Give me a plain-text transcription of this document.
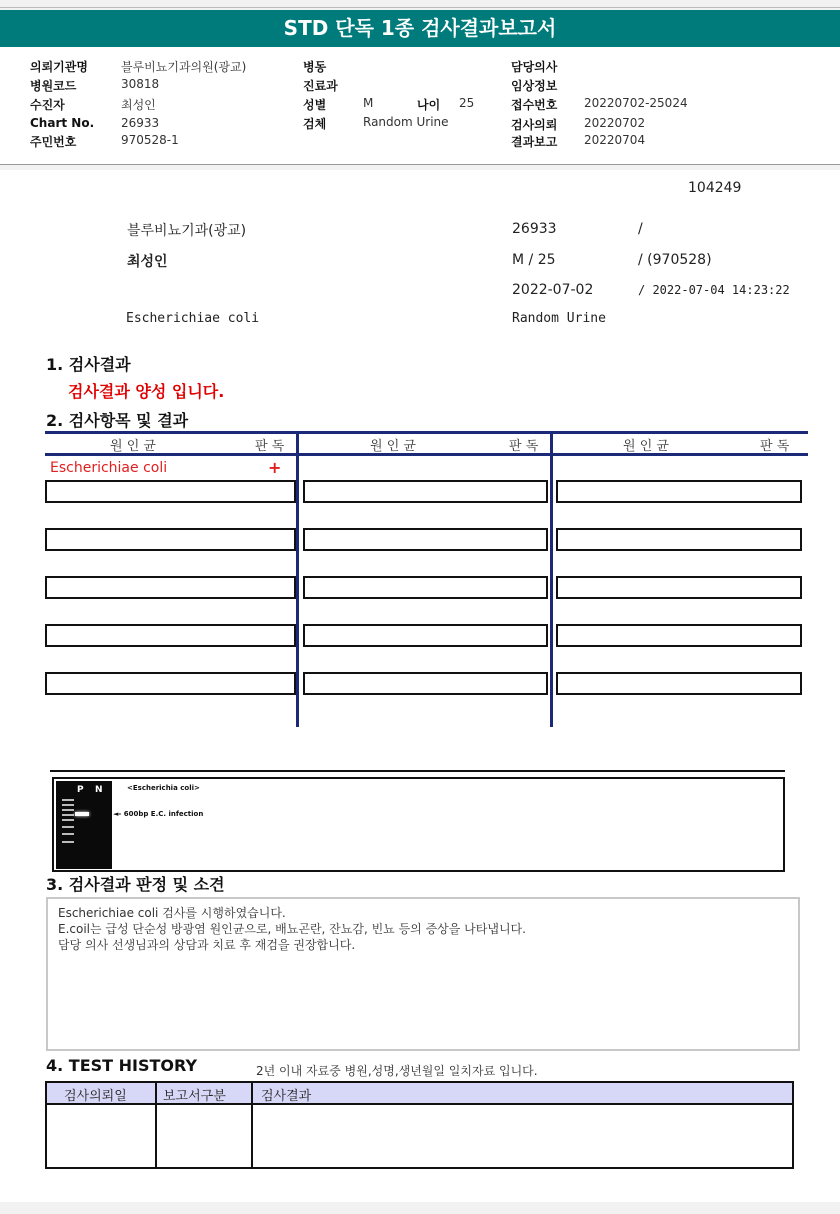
STD 단독 1종 검사결과보고서
의뢰기관명	블루비뇨기과의원(광교)
병원코드	30818
수진자	최성인
Chart No. 26933
주민번호	970528-1
병동
진료과
성별	M	나이 25
검체	Random Urine
담당의사
임상정보
접수번호 20220702-25024
검사의뢰 20220702
결과보고 20220704
104249
블루비뇨기과(광교)
최성인
Escherichiae coli
26933	/
M / 25	/ (970528)
2022-07-02	/ 2022-07-04 14:23:22
Random Urine
1. 검사결과
검사결과 양성 입니다.
2. 검사항목 및 결과
원 인 균	판 독	원 인 균	판 독	원 인 균	판 독
Escherichiae coli	+
P N	<Escherichia coli>
◄- 600bp E.C. infection
3. 검사결과 판정 및 소견
Escherichiae coli 검사를 시행하였습니다.
E.coil는 급성 단순성 방광염 원인균으로, 배뇨곤란, 잔뇨감, 빈뇨 등의 증상을 나타냅니다.
담당 의사 선생님과의 상담과 치료 후 재검을 권장합니다.
4. TEST HISTORY	2년 이내 자료중 병원,성명,생년월일 일치자료 입니다.
검사의뢰일	보고서구분	검사결과
